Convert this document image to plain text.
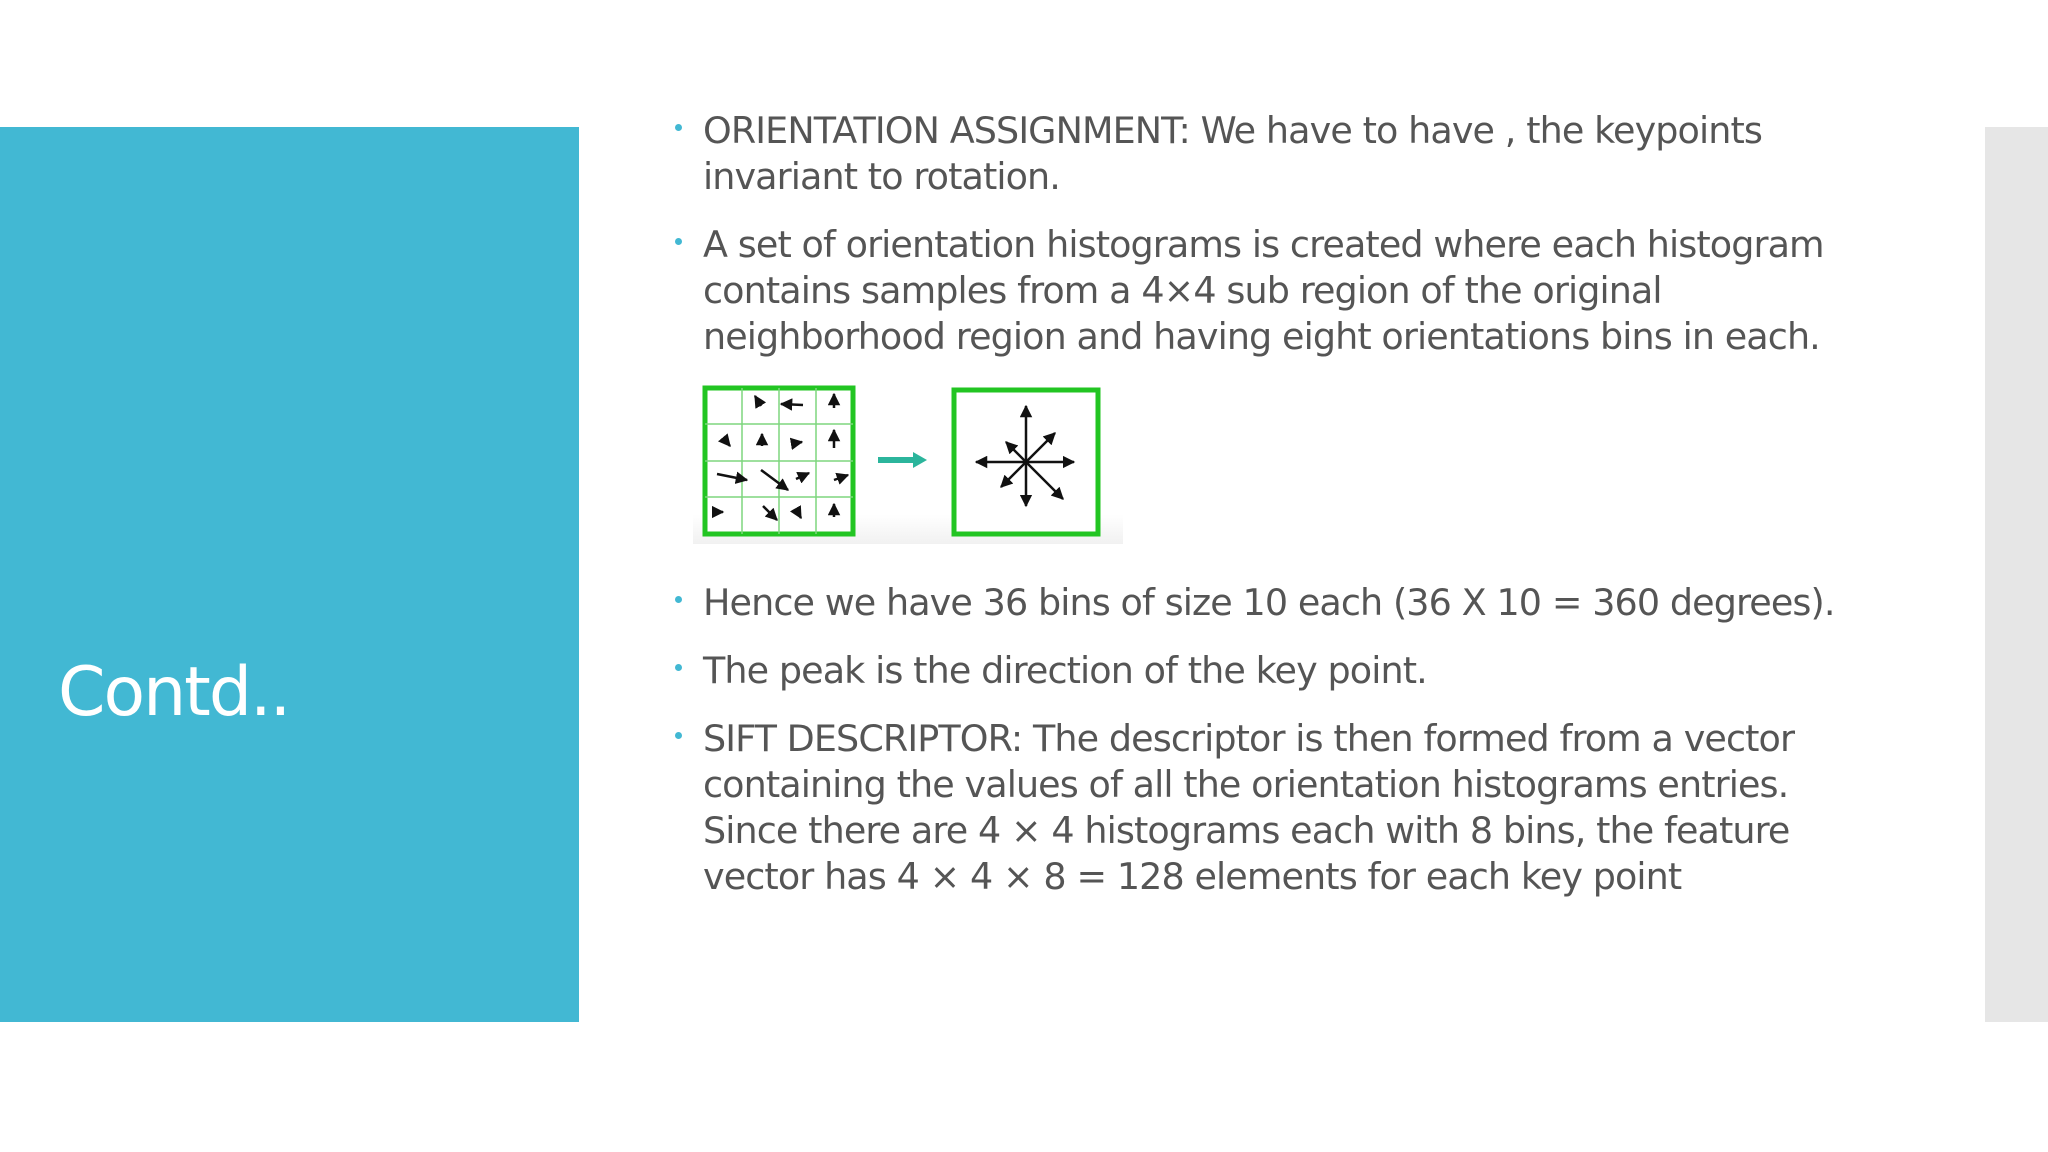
Contd..
ORIENTATION ASSIGNMENT: We have to have , the keypoints
invariant to rotation.
A set of orientation histograms is created where each histogram
contains samples from a 4×4 sub region of the original
neighborhood region and having eight orientations bins in each.
Hence we have 36 bins of size 10 each (36 X 10 = 360 degrees).
The peak is the direction of the key point.
SIFT DESCRIPTOR: The descriptor is then formed from a vector
containing the values of all the orientation histograms entries.
Since there are 4 × 4 histograms each with 8 bins, the feature
vector has 4 × 4 × 8 = 128 elements for each key point
